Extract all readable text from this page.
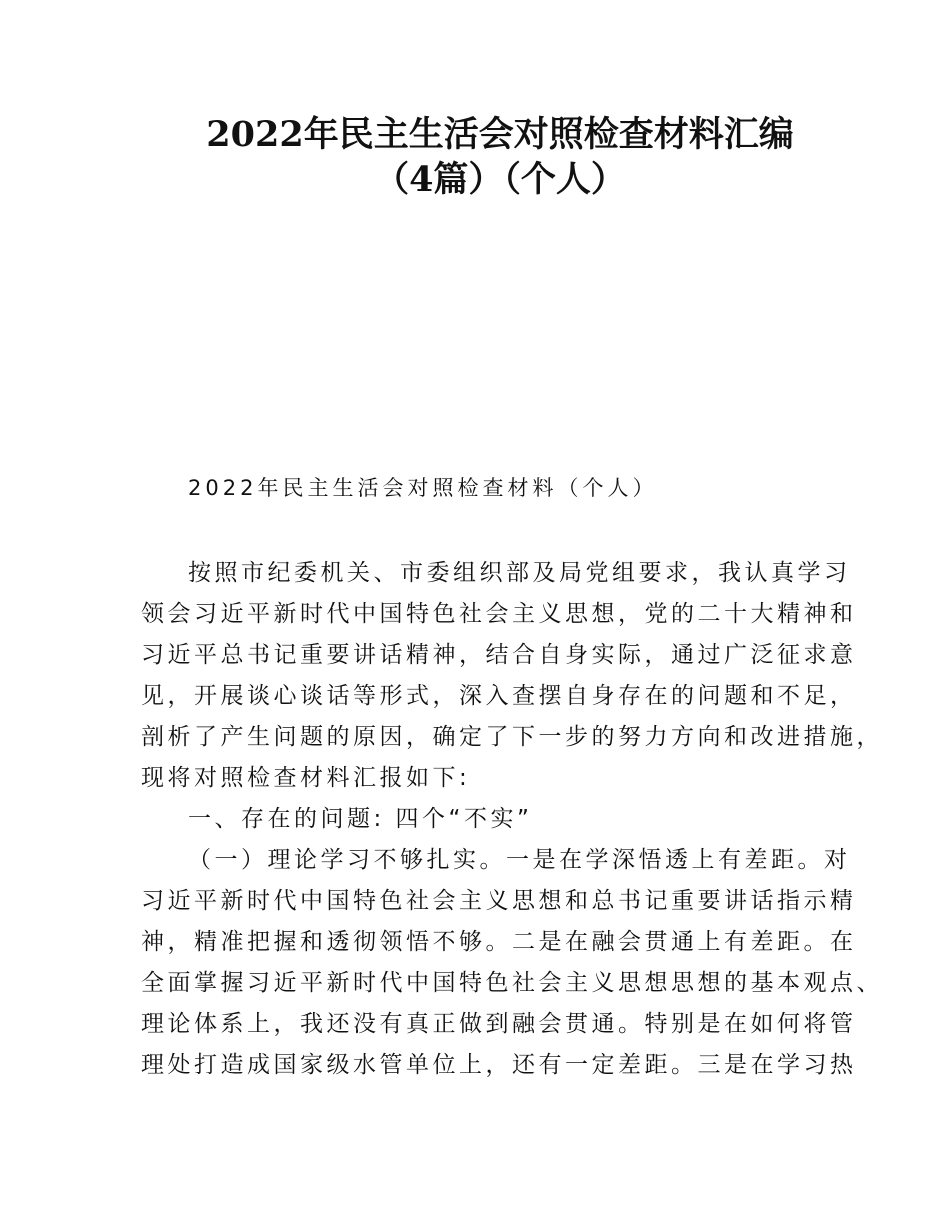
2022年民主生活会对照检查材料汇编
（4篇）（个人）
2022年民主生活会对照检查材料（个人）
按照市纪委机关、市委组织部及局党组要求，我认真学习
领会习近平新时代中国特色社会主义思想，党的二十大精神和
习近平总书记重要讲话精神，结合自身实际，通过广泛征求意
见，开展谈心谈话等形式，深入查摆自身存在的问题和不足，
剖析了产生问题的原因，确定了下一步的努力方向和改进措施，
现将对照检查材料汇报如下:
一、存在的问题: 四个“不实”
（一）理论学习不够扎实。一是在学深悟透上有差距。对
习近平新时代中国特色社会主义思想和总书记重要讲话指示精
神，精准把握和透彻领悟不够。二是在融会贯通上有差距。在
全面掌握习近平新时代中国特色社会主义思想思想的基本观点、
理论体系上，我还没有真正做到融会贯通。特别是在如何将管
理处打造成国家级水管单位上，还有一定差距。三是在学习热
